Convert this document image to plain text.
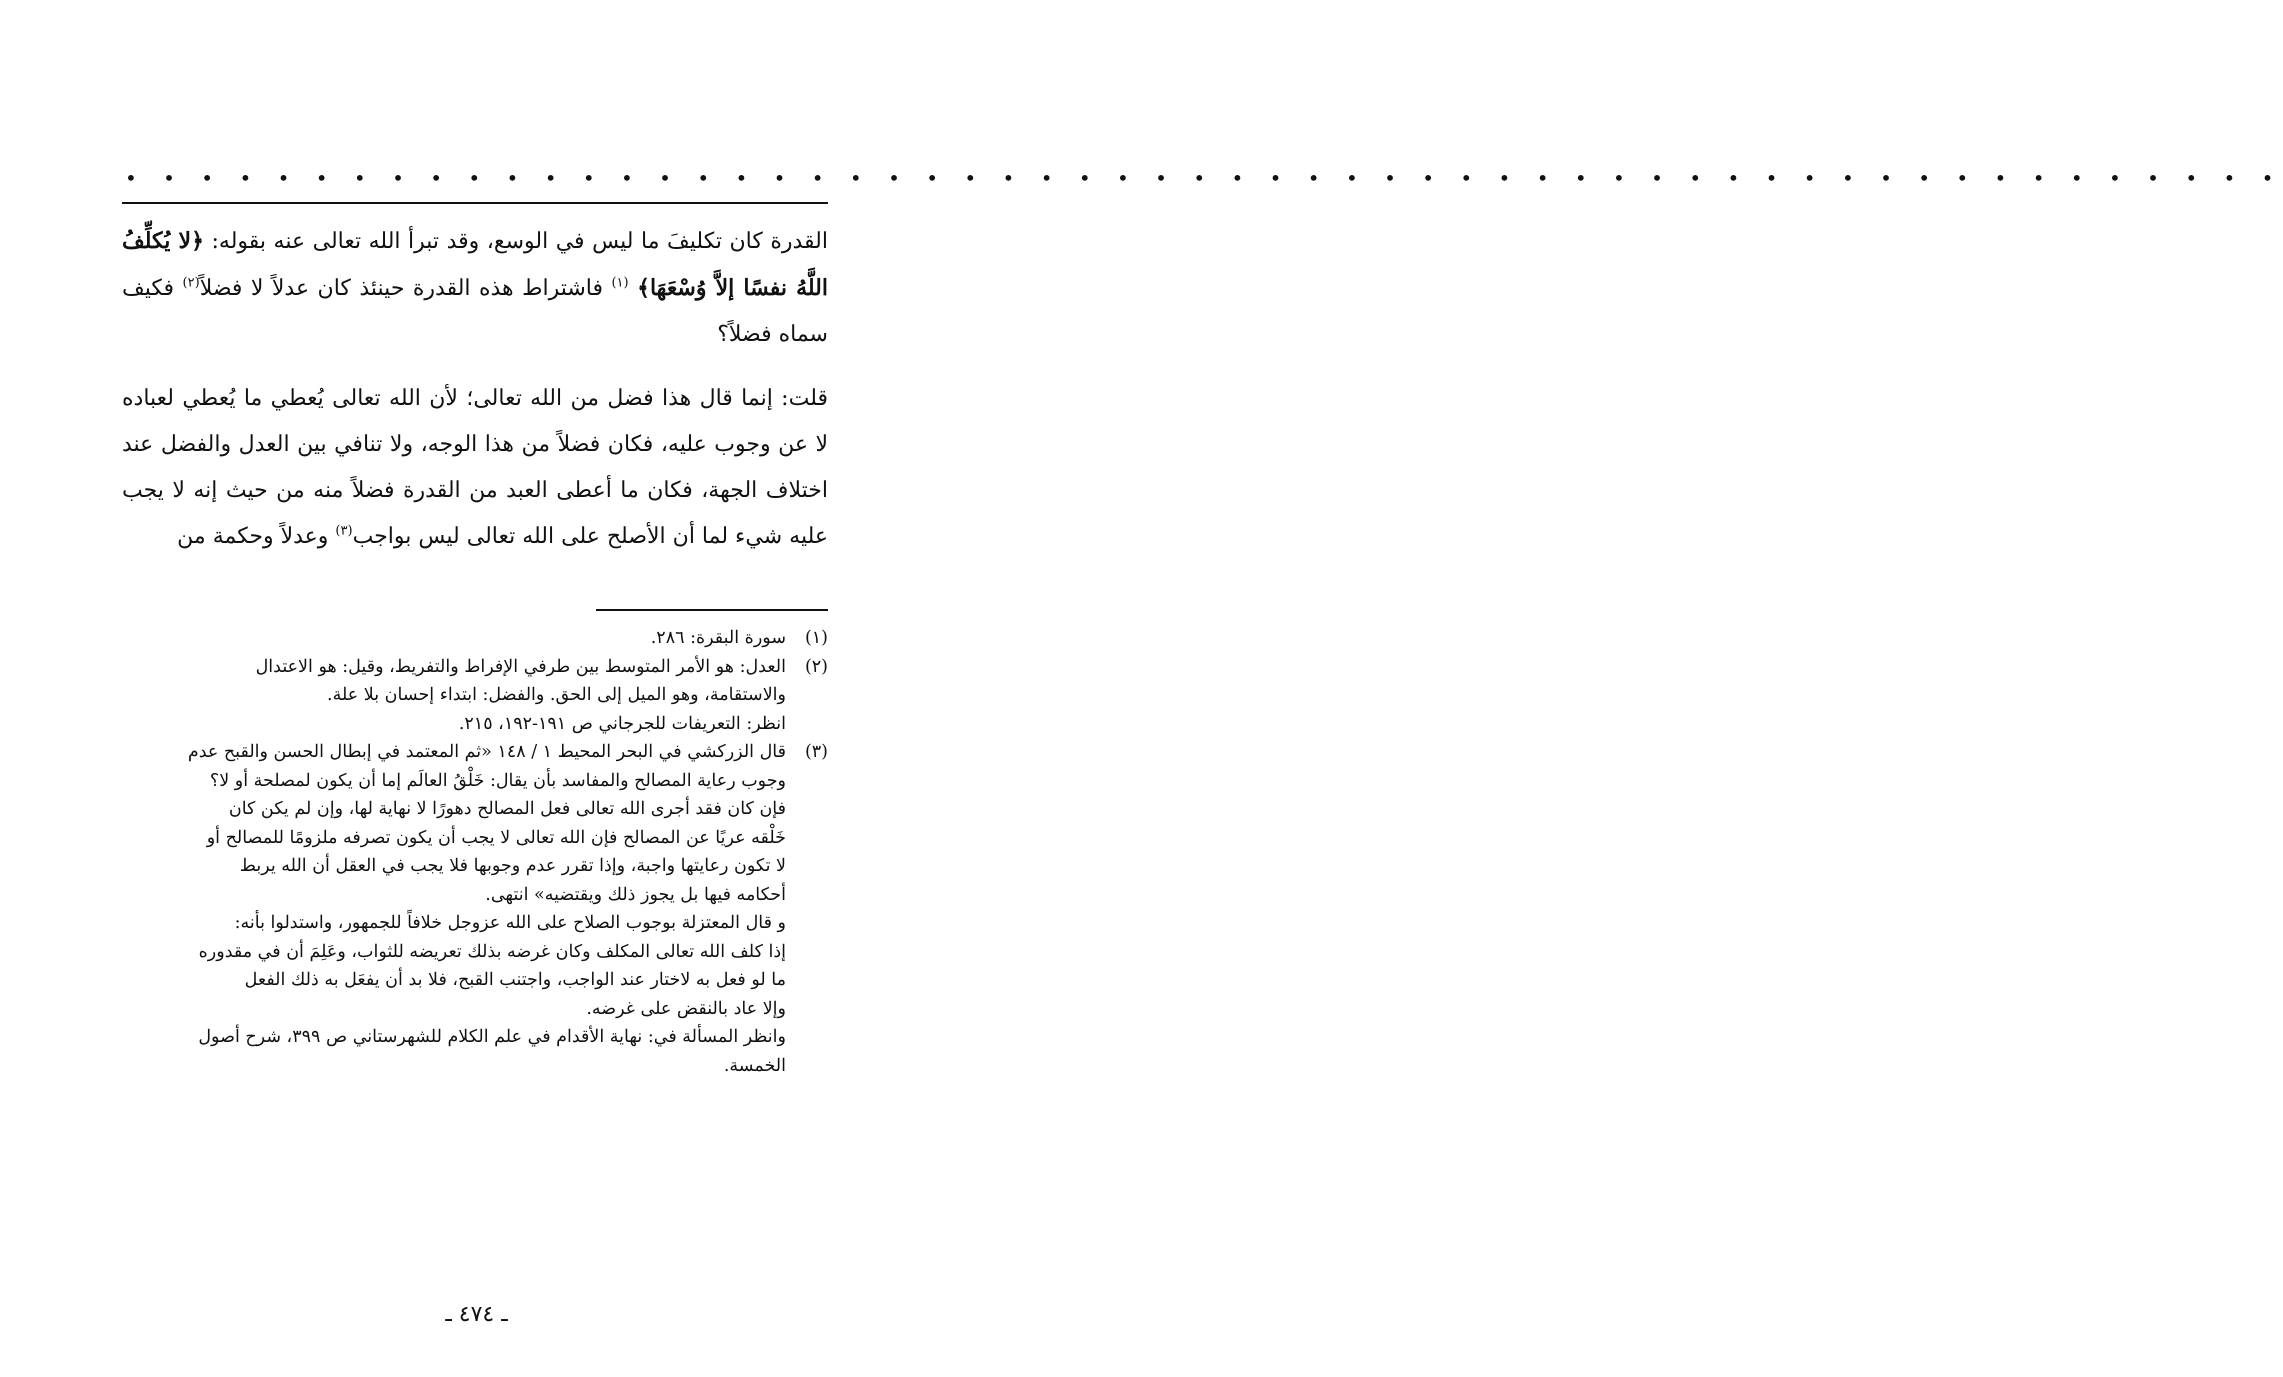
• • • • • • • • • • • • • • • • • • • • • • • • • • • • • • • • • • • • • • • • • • • • • • • • • • • • • • • • •

القدرة كان تكليفَ ما ليس في الوسع، وقد تبرأ الله تعالى عنه بقوله: ﴿لا يُكلِّفُ اللَّهُ نفسًا إلاَّ وُسْعَهَا﴾ $^{(١)}$ فاشتراط هذه القدرة حينئذ كان عدلاً لا فضلاً$^{(٢)}$ فكيف سماه فضلاً؟

قلت: إنما قال هذا فضل من الله تعالى؛ لأن الله تعالى يُعطي ما يُعطي لعباده لا عن وجوب عليه، فكان فضلاً من هذا الوجه، ولا تنافي بين العدل والفضل عند اختلاف الجهة، فكان ما أعطى العبد من القدرة فضلاً منه من حيث إنه لا يجب عليه شيء لما أن الأصلح على الله تعالى ليس بواجب$^{(٣)}$ وعدلاً وحكمة من

(١)
سورة البقرة: ٢٨٦.
(٢)
العدل: هو الأمر المتوسط بين طرفي الإفراط والتفريط، وقيل: هو الاعتدال
والاستقامة، وهو الميل إلى الحق. والفضل: ابتداء إحسان بلا علة.
انظر: التعريفات للجرجاني ص ١٩١-١٩٢، ٢١٥.
(٣)
قال الزركشي في البحر المحيط ١ / ١٤٨ «ثم المعتمد في إبطال الحسن والقبح عدم
وجوب رعاية المصالح والمفاسد بأن يقال: خَلْقُ العالَم إما أن يكون لمصلحة أو لا؟
فإن كان فقد أجرى الله تعالى فعل المصالح دهورًا لا نهاية لها، وإن لم يكن كان
خَلْقه عريًا عن المصالح فإن الله تعالى لا يجب أن يكون تصرفه ملزومًا للمصالح أو
لا تكون رعايتها واجبة، وإذا تقرر عدم وجوبها فلا يجب في العقل أن الله يربط
أحكامه فيها بل يجوز ذلك ويقتضيه» انتهى.
و قال المعتزلة بوجوب الصلاح على الله عزوجل خلافاً للجمهور، واستدلوا بأنه:
إذا كلف الله تعالى المكلف وكان غرضه بذلك تعريضه للثواب، وعَلِمَ أن في مقدوره
ما لو فعل به لاختار عند الواجب، واجتنب القبح، فلا بد أن يفعَل به ذلك الفعل
وإلا عاد بالنقض على غرضه.
وانظر المسألة في: نهاية الأقدام في علم الكلام للشهرستاني ص ٣٩٩، شرح أصول
الخمسة.
ـ ٤٧٤ ـ
